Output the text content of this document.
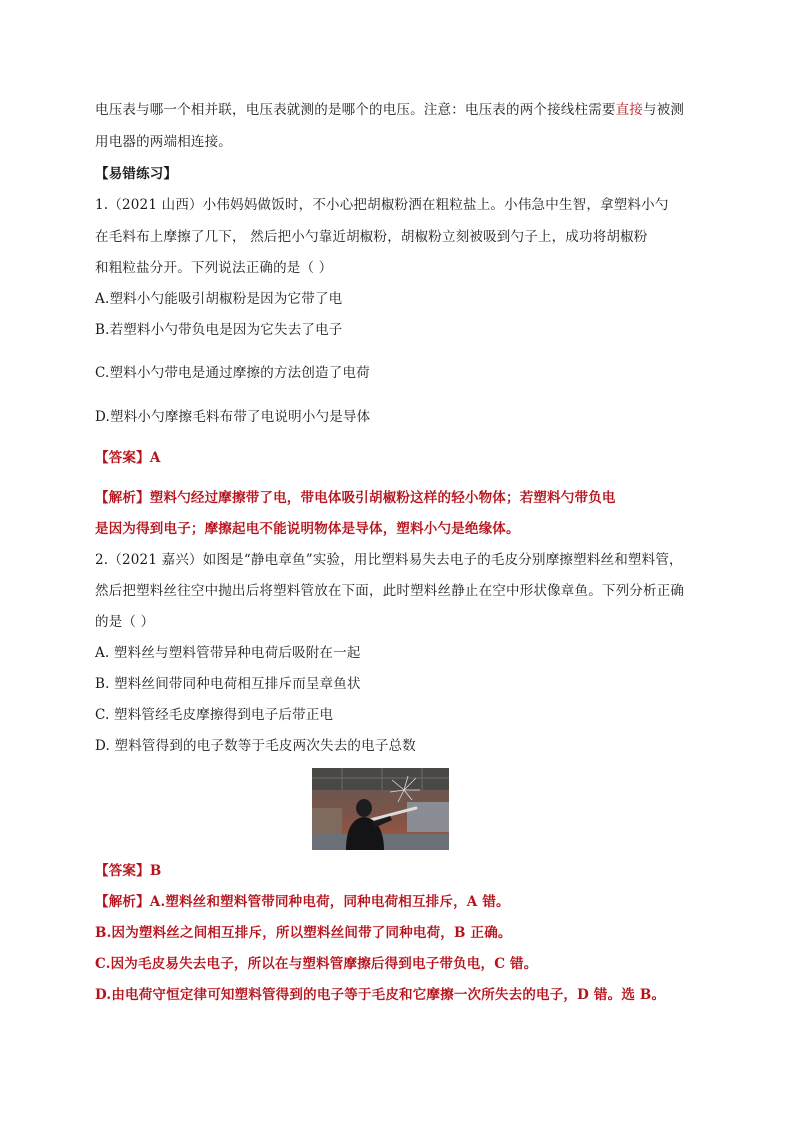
电压表与哪一个相并联，电压表就测的是哪个的电压。注意：电压表的两个接线柱需要直接与被测
用电器的两端相连接。
【易错练习】
1.（2021 山西）小伟妈妈做饭时，不小心把胡椒粉洒在粗粒盐上。小伟急中生智，拿塑料小勺
在毛料布上摩擦了几下， 然后把小勺靠近胡椒粉，胡椒粉立刻被吸到勺子上，成功将胡椒粉
和粗粒盐分开。下列说法正确的是（ ）
A.塑料小勺能吸引胡椒粉是因为它带了电
B.若塑料小勺带负电是因为它失去了电子
C.塑料小勺带电是通过摩擦的方法创造了电荷
D.塑料小勺摩擦毛料布带了电说明小勺是导体
【答案】A
【解析】塑料勺经过摩擦带了电，带电体吸引胡椒粉这样的轻小物体；若塑料勺带负电
是因为得到电子；摩擦起电不能说明物体是导体，塑料小勺是绝缘体。
2.（2021 嘉兴）如图是“静电章鱼”实验，用比塑料易失去电子的毛皮分别摩擦塑料丝和塑料管，
然后把塑料丝往空中抛出后将塑料管放在下面，此时塑料丝静止在空中形状像章鱼。下列分析正确
的是（ ）
A. 塑料丝与塑料管带异种电荷后吸附在一起
B. 塑料丝间带同种电荷相互排斥而呈章鱼状
C. 塑料管经毛皮摩擦得到电子后带正电
D. 塑料管得到的电子数等于毛皮两次失去的电子总数
【答案】B
【解析】A.塑料丝和塑料管带同种电荷，同种电荷相互排斥，A 错。
B.因为塑料丝之间相互排斥，所以塑料丝间带了同种电荷，B 正确。
C.因为毛皮易失去电子，所以在与塑料管摩擦后得到电子带负电，C 错。
D.由电荷守恒定律可知塑料管得到的电子等于毛皮和它摩擦一次所失去的电子，D 错。选 B。
